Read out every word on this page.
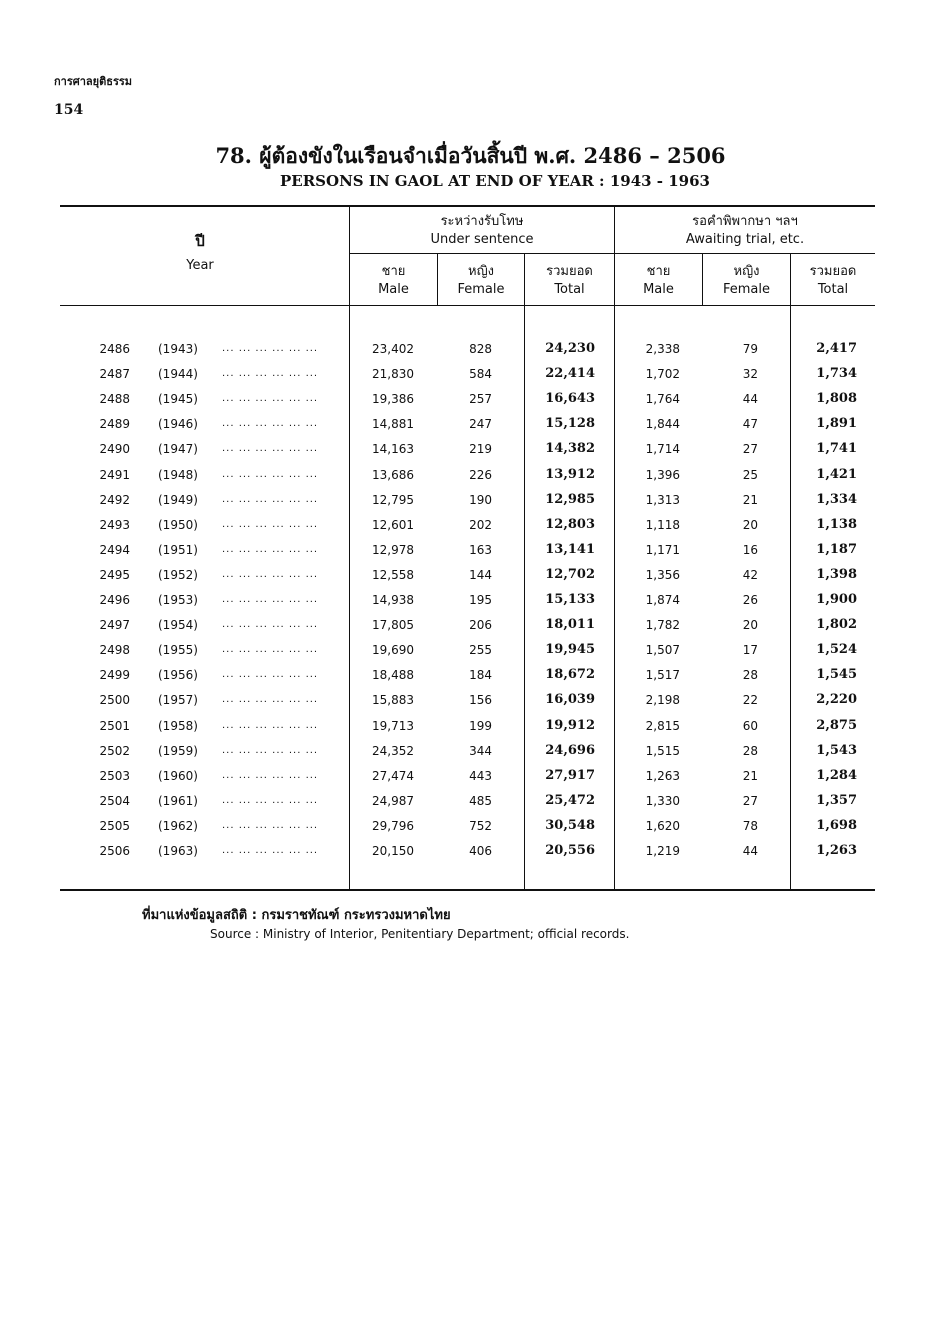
การศาลยุติธรรม
154
78. ผู้ต้องขังในเรือนจำเมื่อวันสิ้นปี พ.ศ. 2486 – 2506
PERSONS IN GAOL AT END OF YEAR : 1943 - 1963
ปี
Year
ระหว่างรับโทษ
Under sentence
รอคำพิพากษา ฯลฯ
Awaiting trial, etc.
ชาย
Male
หญิง
Female
รวมยอด
Total
ชาย
Male
หญิง
Female
รวมยอด
Total
2486 (1943)	23,402	828	24,230	2,338	79	2,417
... ... ... ... ... ...
2487 (1944)	21,830	584	22,414	1,702	32	1,734
... ... ... ... ... ...
2488 (1945)	19,386	257	16,643	1,764	44	1,808
... ... ... ... ... ...
2489 (1946)	14,881	247	15,128	1,844	47	1,891
... ... ... ... ... ...
2490 (1947)	14,163	219	14,382	1,714	27	1,741
... ... ... ... ... ...
2491 (1948)	13,686	226	13,912	1,396	25	1,421
... ... ... ... ... ...
2492 (1949)	12,795	190	12,985	1,313	21	1,334
... ... ... ... ... ...
2493 (1950)	12,601	202	12,803	1,118	20	1,138
... ... ... ... ... ...
2494 (1951)	12,978	163	13,141	1,171	16	1,187
... ... ... ... ... ...
2495 (1952)	12,558	144	12,702	1,356	42	1,398
... ... ... ... ... ...
2496 (1953)	14,938	195	15,133	1,874	26	1,900
... ... ... ... ... ...
2497 (1954)	17,805	206	18,011	1,782	20	1,802
... ... ... ... ... ...
2498 (1955)	19,690	255	19,945	1,507	17	1,524
... ... ... ... ... ...
2499 (1956)	18,488	184	18,672	1,517	28	1,545
... ... ... ... ... ...
2500 (1957)	15,883	156	16,039	2,198	22	2,220
... ... ... ... ... ...
2501 (1958)	19,713	199	19,912	2,815	60	2,875
... ... ... ... ... ...
2502 (1959)	24,352	344	24,696	1,515	28	1,543
... ... ... ... ... ...
2503 (1960)	27,474	443	27,917	1,263	21	1,284
... ... ... ... ... ...
2504 (1961)	24,987	485	25,472	1,330	27	1,357
... ... ... ... ... ...
2505 (1962)	29,796	752	30,548	1,620	78	1,698
... ... ... ... ... ...
2506 (1963)	20,150	406	20,556	1,219	44	1,263
... ... ... ... ... ...
ที่มาแห่งข้อมูลสถิติ : กรมราชทัณฑ์ กระทรวงมหาดไทย
Source : Ministry of Interior, Penitentiary Department; official records.
